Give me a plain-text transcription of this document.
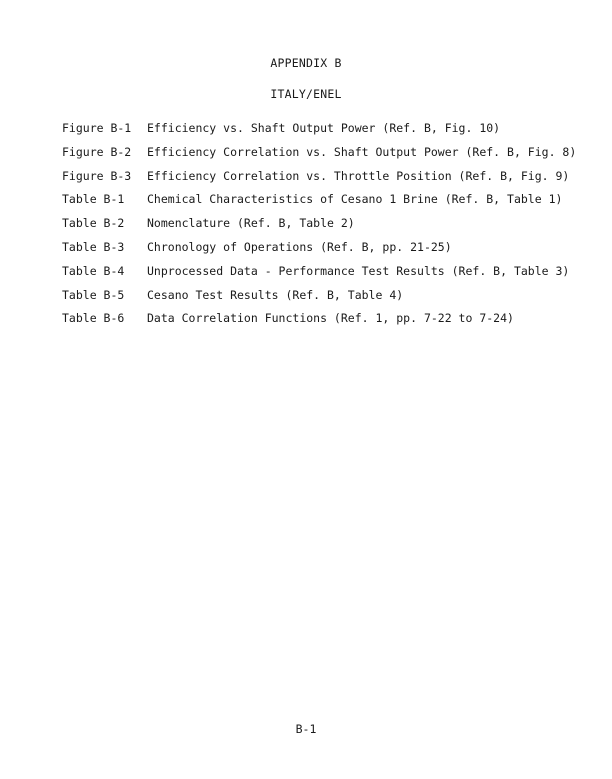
APPENDIX B
ITALY/ENEL
Figure B-1	Efficiency vs. Shaft Output Power (Ref. B, Fig. 10)
Figure B-2	Efficiency Correlation vs. Shaft Output Power (Ref. B, Fig. 8)
Figure B-3	Efficiency Correlation vs. Throttle Position (Ref. B, Fig. 9)
Table B-1	Chemical Characteristics of Cesano 1 Brine (Ref. B, Table 1)
Table B-2	Nomenclature (Ref. B, Table 2)
Table B-3	Chronology of Operations (Ref. B, pp. 21-25)
Table B-4	Unprocessed Data - Performance Test Results (Ref. B, Table 3)
Table B-5	Cesano Test Results (Ref. B, Table 4)
Table B-6	Data Correlation Functions (Ref. 1, pp. 7-22 to 7-24)
B-1
